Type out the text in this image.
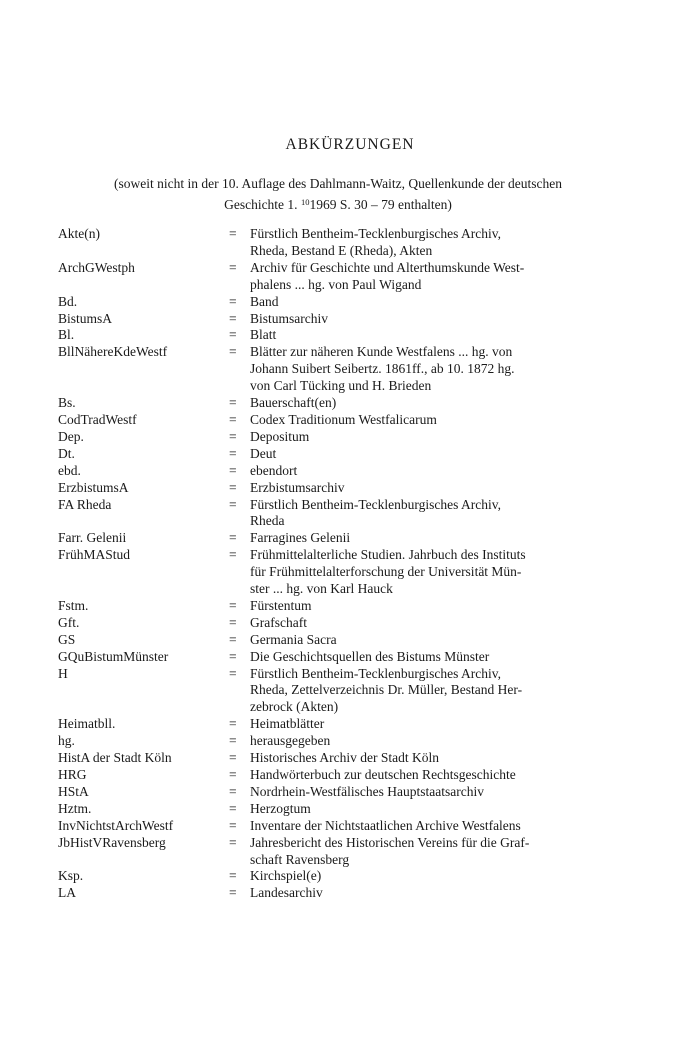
ABKÜRZUNGEN
(soweit nicht in der 10. Auflage des Dahlmann-Waitz, Quellenkunde der deutschen
Geschichte 1. $^{10}$1969 S. 30 – 79 enthalten)
Akte(n)	= Fürstlich Bentheim-Tecklenburgisches Archiv,
Rheda, Bestand E (Rheda), Akten
ArchGWestph	= Archiv für Geschichte und Alterthumskunde West-
phalens ... hg. von Paul Wigand
Bd.	= Band
BistumsA	= Bistumsarchiv
Bl.	= Blatt
BllNähereKdeWestf	= Blätter zur näheren Kunde Westfalens ... hg. von
Johann Suibert Seibertz. 1861ff., ab 10. 1872 hg.
von Carl Tücking und H. Brieden
Bs.	= Bauerschaft(en)
CodTradWestf	= Codex Traditionum Westfalicarum
Dep.	= Depositum
Dt.	= Deut
ebd.	= ebendort
ErzbistumsA	= Erzbistumsarchiv
FA Rheda	= Fürstlich Bentheim-Tecklenburgisches Archiv,
Rheda
Farr. Gelenii	= Farragines Gelenii
FrühMAStud	= Frühmittelalterliche Studien. Jahrbuch des Instituts
für Frühmittelalterforschung der Universität Mün-
ster ... hg. von Karl Hauck
Fstm.	= Fürstentum
Gft.	= Grafschaft
GS	= Germania Sacra
GQuBistumMünster	= Die Geschichtsquellen des Bistums Münster
H	= Fürstlich Bentheim-Tecklenburgisches Archiv,
Rheda, Zettelverzeichnis Dr. Müller, Bestand Her-
zebrock (Akten)
Heimatbll.	= Heimatblätter
hg.	= herausgegeben
HistA der Stadt Köln	= Historisches Archiv der Stadt Köln
HRG	= Handwörterbuch zur deutschen Rechtsgeschichte
HStA	= Nordrhein-Westfälisches Hauptstaatsarchiv
Hztm.	= Herzogtum
InvNichtstArchWestf	= Inventare der Nichtstaatlichen Archive Westfalens
JbHistVRavensberg	= Jahresbericht des Historischen Vereins für die Graf-
schaft Ravensberg
Ksp.	= Kirchspiel(e)
LA	= Landesarchiv
